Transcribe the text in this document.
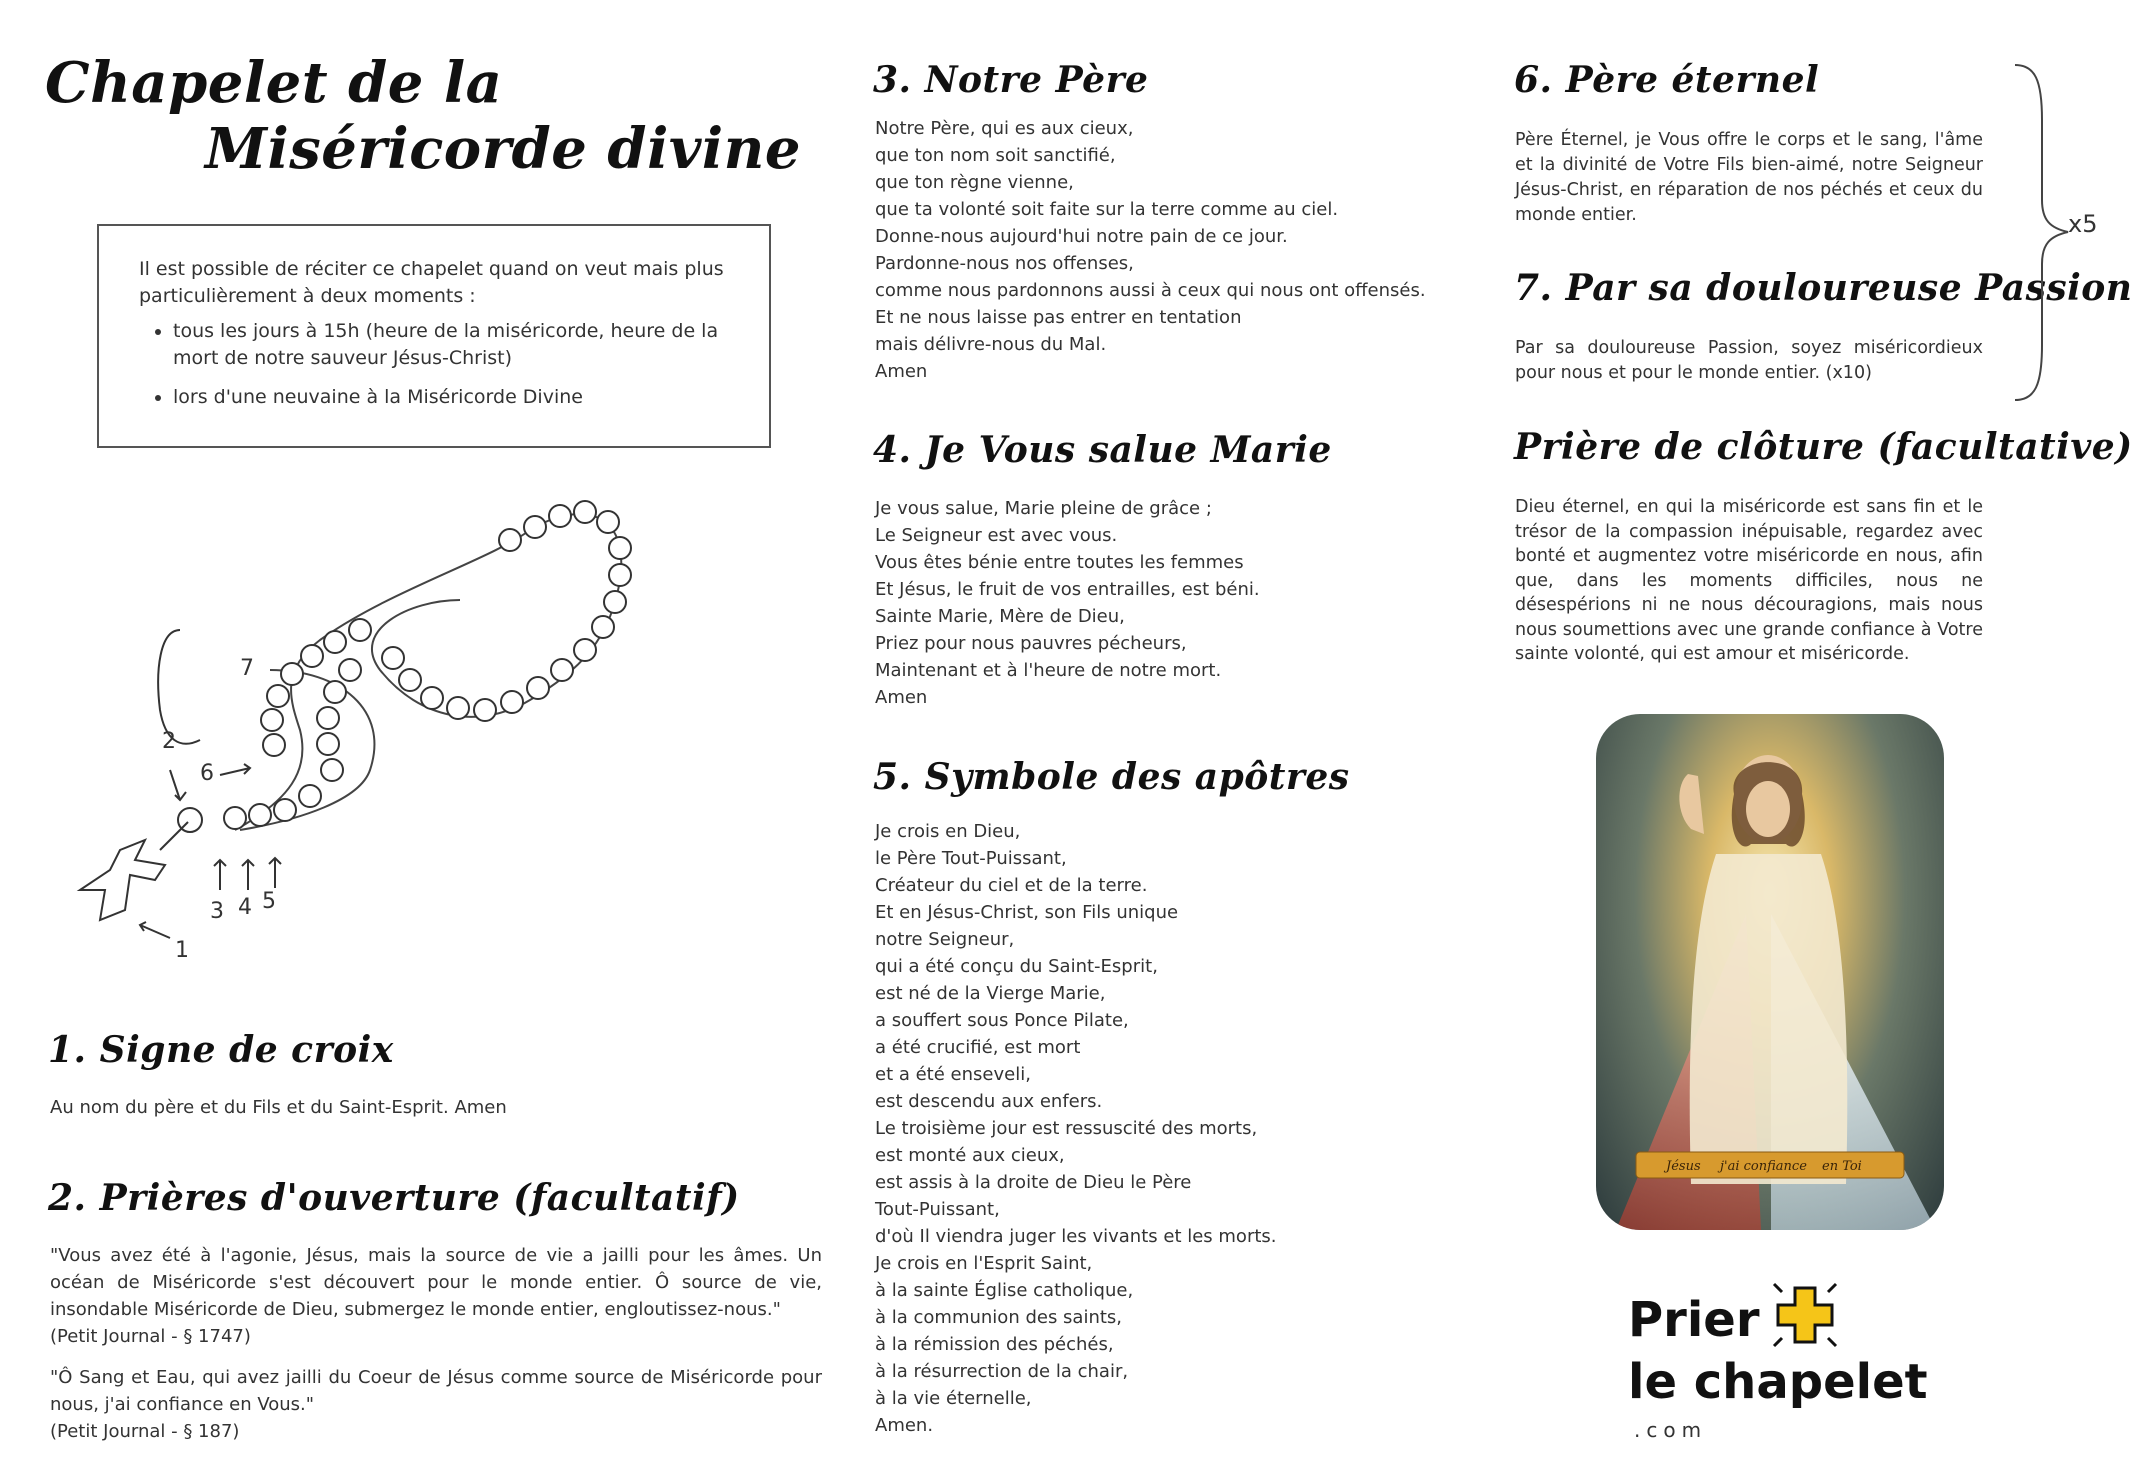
Chapelet de la
Miséricorde divine
Il est possible de réciter ce chapelet quand on veut mais plus particulièrement à deux moments :
• tous les jours à 15h (heure de la miséricorde, heure de la mort de notre sauveur Jésus-Christ)
• lors d'une neuvaine à la Miséricorde Divine
1
2
3 4 5
6
7
1. Signe de croix
Au nom du père et du Fils et du Saint-Esprit. Amen
2. Prières d'ouverture (facultatif)

"Vous avez été à l'agonie, Jésus, mais la source de vie a jailli pour les âmes. Un océan de Miséricorde s'est découvert pour le monde entier. Ô source de vie, insondable Miséricorde de Dieu, submergez le monde entier, engloutissez-nous."

(Petit Journal - § 1747)

"Ô Sang et Eau, qui avez jailli du Coeur de Jésus comme source de Miséricorde pour nous, j'ai confiance en Vous."

(Petit Journal - § 187)

3. Notre Père

Notre Père, qui es aux cieux,

que ton nom soit sanctifié,

que ton règne vienne,

que ta volonté soit faite sur la terre comme au ciel.

Donne-nous aujourd'hui notre pain de ce jour.

Pardonne-nous nos offenses,

comme nous pardonnons aussi à ceux qui nous ont offensés.

Et ne nous laisse pas entrer en tentation

mais délivre-nous du Mal.

Amen

4. Je Vous salue Marie

Je vous salue, Marie pleine de grâce ;

Le Seigneur est avec vous.

Vous êtes bénie entre toutes les femmes

Et Jésus, le fruit de vos entrailles, est béni.

Sainte Marie, Mère de Dieu,

Priez pour nous pauvres pécheurs,

Maintenant et à l'heure de notre mort.

Amen

5. Symbole des apôtres

Je crois en Dieu,

le Père Tout-Puissant,

Créateur du ciel et de la terre.

Et en Jésus-Christ, son Fils unique

notre Seigneur,

qui a été conçu du Saint-Esprit,

est né de la Vierge Marie,

a souffert sous Ponce Pilate,

a été crucifié, est mort

et a été enseveli,

est descendu aux enfers.

Le troisième jour est ressuscité des morts,

est monté aux cieux,

est assis à la droite de Dieu le Père

Tout-Puissant,

d'où Il viendra juger les vivants et les morts.

Je crois en l'Esprit Saint,

à la sainte Église catholique,

à la communion des saints,

à la rémission des péchés,

à la résurrection de la chair,

à la vie éternelle,

Amen.

6. Père éternel
Père Éternel, je Vous offre le corps et le sang, l'âme et la divinité de Votre Fils bien-aimé, notre Seigneur Jésus-Christ, en réparation de nos péchés et ceux du monde entier.
7. Par sa douloureuse Passion
Par sa douloureuse Passion, soyez miséricordieux pour nous et pour le monde entier. (x10)
x5
Prière de clôture (facultative)
Dieu éternel, en qui la miséricorde est sans fin et le trésor de la compassion inépuisable, regardez avec bonté et augmentez votre miséricorde en nous, afin que, dans les moments difficiles, nous ne désespérions ni ne nous découragions, mais nous nous soumettions avec une grande confiance à Votre sainte volonté, qui est amour et miséricorde.
Jésus j'ai confiance en Toi
Prier
le chapelet
.com
